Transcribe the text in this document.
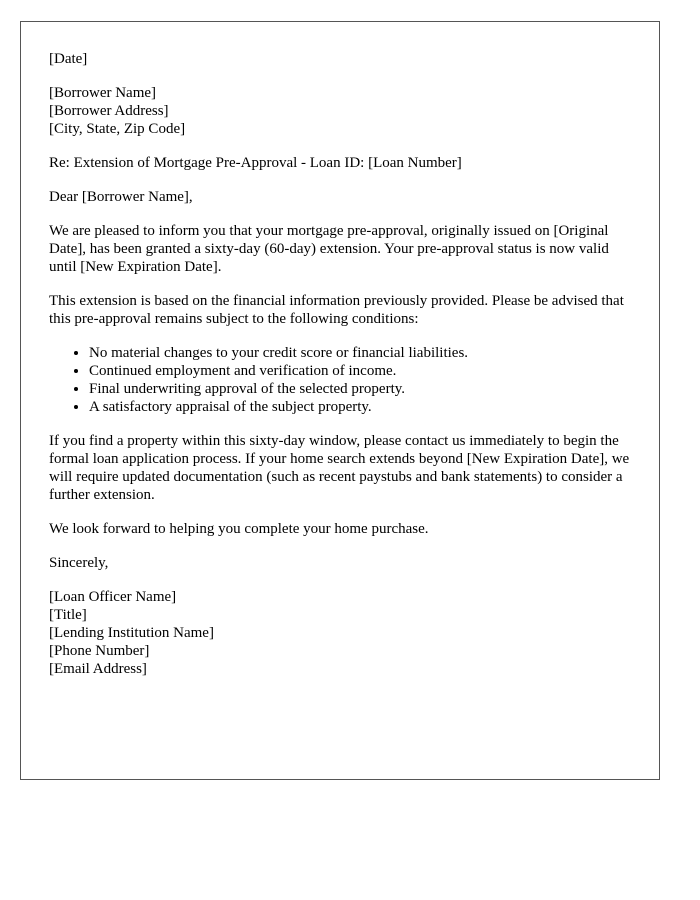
[Date]

[Borrower Name]

[Borrower Address]

[City, State, Zip Code]

Re: Extension of Mortgage Pre-Approval - Loan ID: [Loan Number]

Dear [Borrower Name],

We are pleased to inform you that your mortgage pre-approval, originally issued on [Original Date], has been granted a sixty-day (60-day) extension. Your pre-approval status is now valid until [New Expiration Date].

This extension is based on the financial information previously provided. Please be advised that this pre-approval remains subject to the following conditions:

• No material changes to your credit score or financial liabilities.
• Continued employment and verification of income.
• Final underwriting approval of the selected property.
• A satisfactory appraisal of the subject property.

If you find a property within this sixty-day window, please contact us immediately to begin the formal loan application process. If your home search extends beyond [New Expiration Date], we will require updated documentation (such as recent paystubs and bank statements) to consider a further extension.

We look forward to helping you complete your home purchase.

Sincerely,

[Loan Officer Name]

[Title]

[Lending Institution Name]

[Phone Number]

[Email Address]
